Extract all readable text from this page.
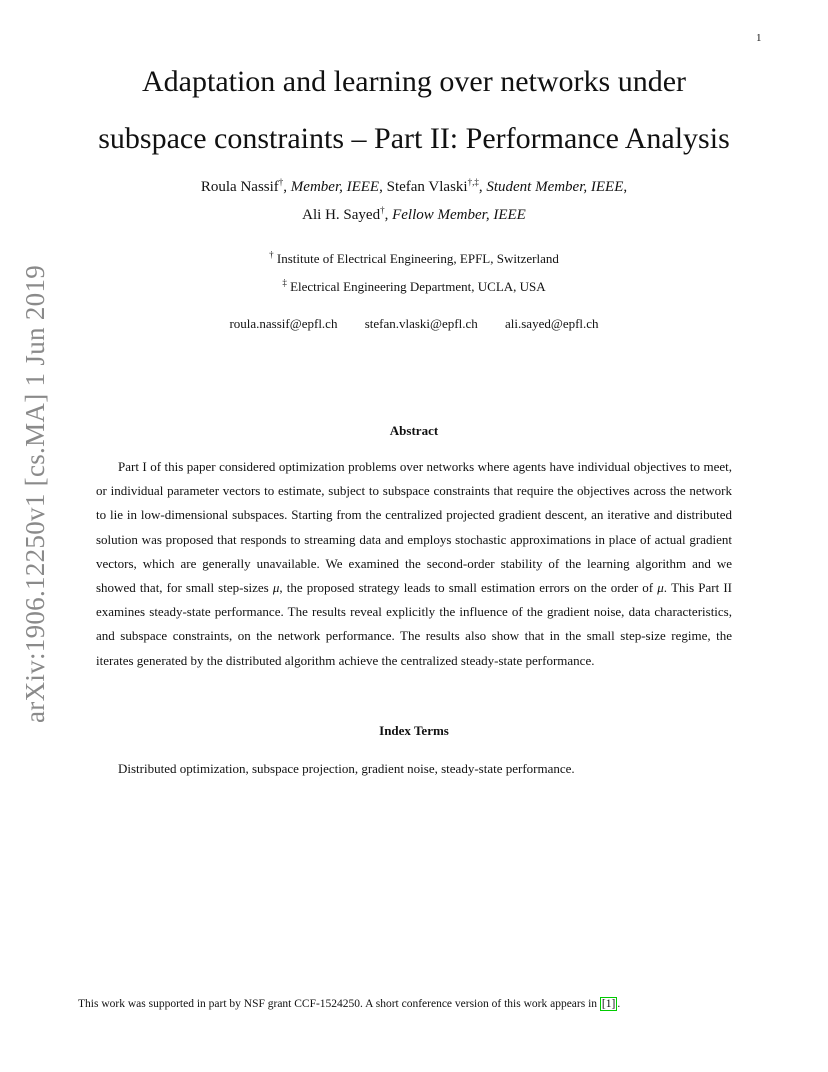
1
Adaptation and learning over networks under
subspace constraints – Part II: Performance Analysis
Roula Nassif†, Member, IEEE, Stefan Vlaski†,‡, Student Member, IEEE,
Ali H. Sayed†, Fellow Member, IEEE
† Institute of Electrical Engineering, EPFL, Switzerland
‡ Electrical Engineering Department, UCLA, USA
roula.nassif@epfl.ch stefan.vlaski@epfl.ch ali.sayed@epfl.ch
arXiv:1906.12250v1 [cs.MA] 1 Jun 2019	Abstract

Part I of this paper considered optimization problems over networks where agents have individual objectives to meet, or individual parameter vectors to estimate, subject to subspace constraints that require the objectives across the network to lie in low-dimensional subspaces. Starting from the centralized projected gradient descent, an iterative and distributed solution was proposed that responds to streaming data and employs stochastic approximations in place of actual gradient vectors, which are generally unavailable. We examined the second-order stability of the learning algorithm and we showed that, for small step-sizes μ, the proposed strategy leads to small estimation errors on the order of μ. This Part II examines steady-state performance. The results reveal explicitly the influence of the gradient noise, data characteristics, and subspace constraints, on the network performance. The results also show that in the small step-size regime, the iterates generated by the distributed algorithm achieve the centralized steady-state performance.

Index Terms

Distributed optimization, subspace projection, gradient noise, steady-state performance.

This work was supported in part by NSF grant CCF-1524250. A short conference version of this work appears in [1] .
